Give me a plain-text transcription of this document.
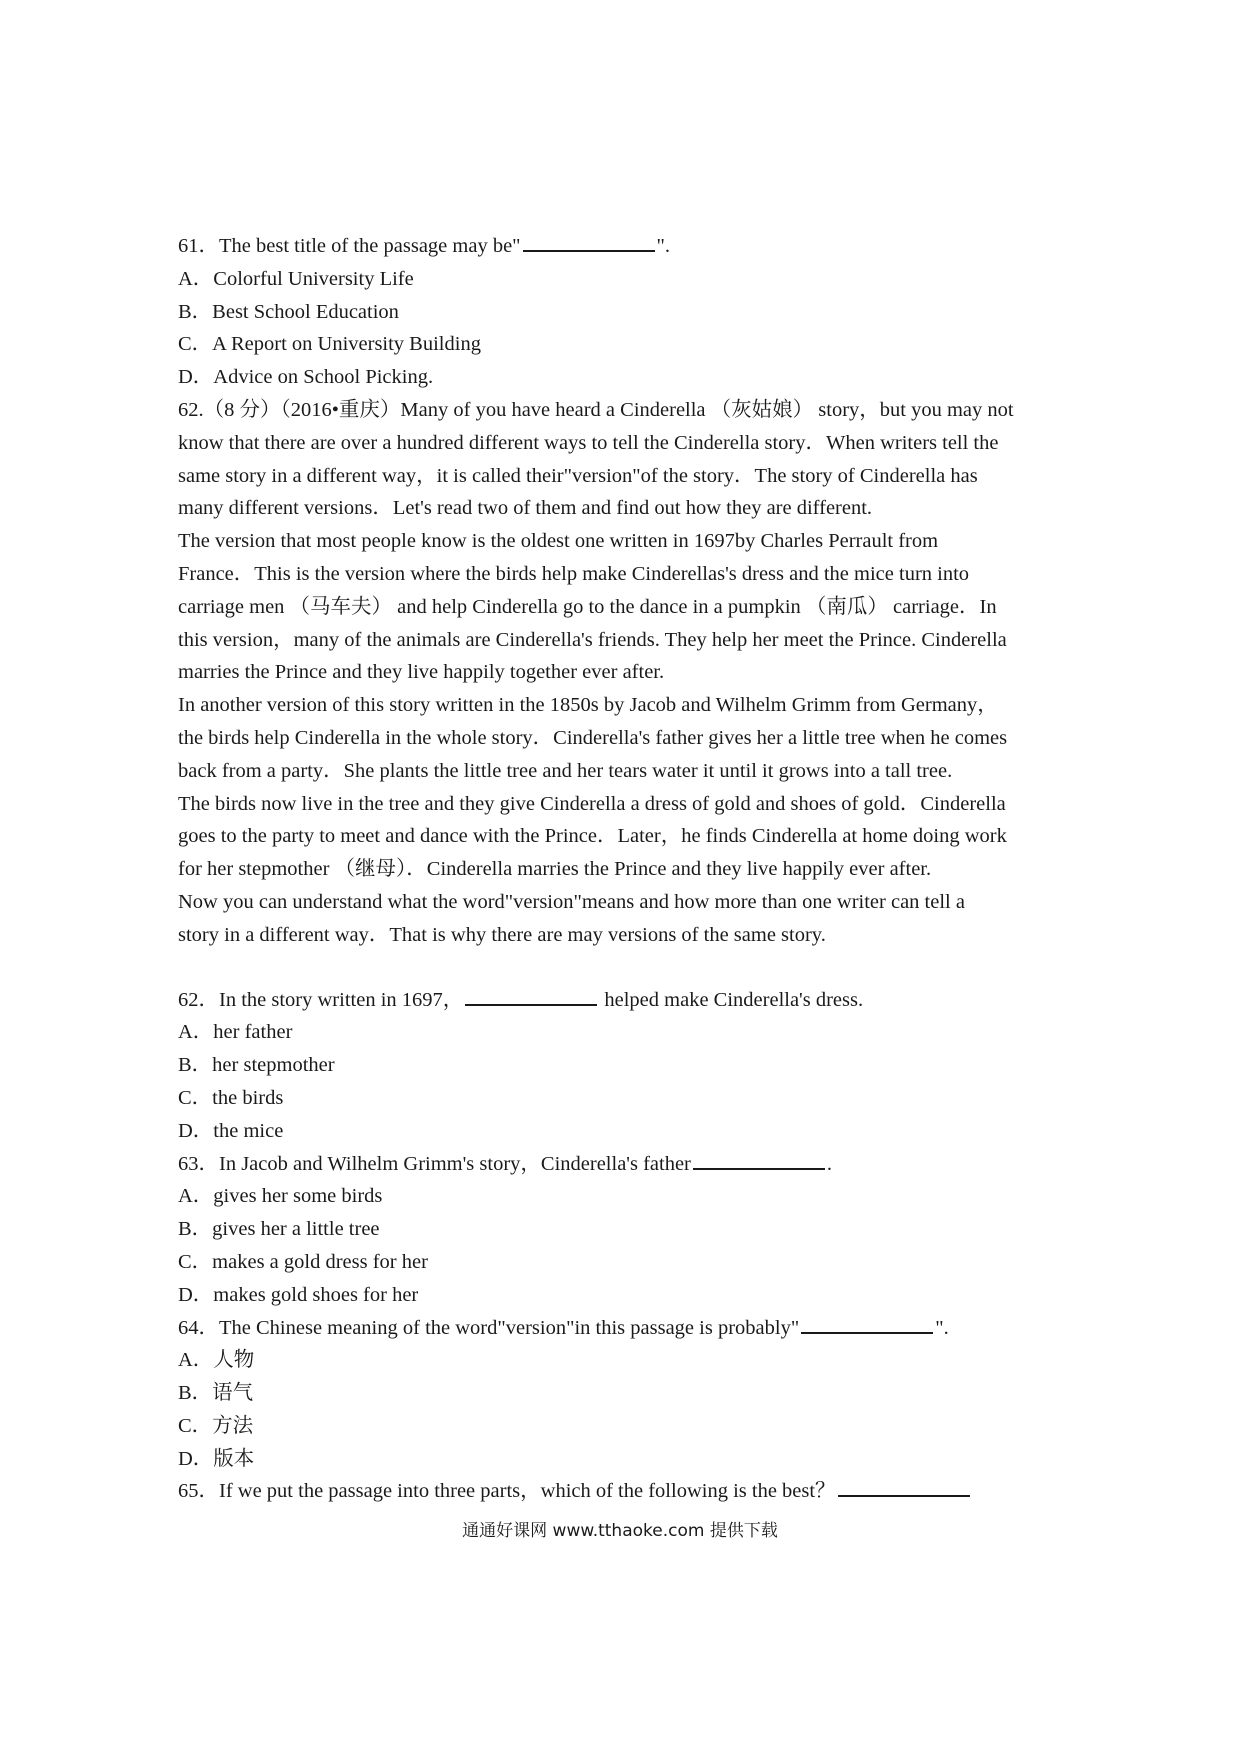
61．The best title of the passage may be"	".
A．Colorful University Life
B．Best School Education
C．A Report on University Building
D．Advice on School Picking.
62.（8 分）（2016•重庆）Many of you have heard a Cinderella （灰姑娘） story，but you may not
know that there are over a hundred different ways to tell the Cinderella story．When writers tell the
same story in a different way，it is called their"version"of the story．The story of Cinderella has
many different versions．Let's read two of them and find out how they are different.
The version that most people know is the oldest one written in 1697by Charles Perrault from
France．This is the version where the birds help make Cinderellas's dress and the mice turn into
carriage men （马车夫） and help Cinderella go to the dance in a pumpkin （南瓜） carriage．In
this version，many of the animals are Cinderella's friends. They help her meet the Prince. Cinderella
marries the Prince and they live happily together ever after.
In another version of this story written in the 1850s by Jacob and Wilhelm Grimm from Germany，
the birds help Cinderella in the whole story．Cinderella's father gives her a little tree when he comes
back from a party．She plants the little tree and her tears water it until it grows into a tall tree.
The birds now live in the tree and they give Cinderella a dress of gold and shoes of gold．Cinderella
goes to the party to meet and dance with the Prince．Later，he finds Cinderella at home doing work
for her stepmother （继母）．Cinderella marries the Prince and they live happily ever after.
Now you can understand what the word"version"means and how more than one writer can tell a
story in a different way．That is why there are may versions of the same story.
62．In the story written in 1697，	helped make Cinderella's dress.
A．her father
B．her stepmother
C．the birds
D．the mice
63．In Jacob and Wilhelm Grimm's story，Cinderella's father	.
A．gives her some birds
B．gives her a little tree
C．makes a gold dress for her
D．makes gold shoes for her
64．The Chinese meaning of the word"version"in this passage is probably"	".
A．人物
B．语气
C．方法
D．版本
65．If we put the passage into three parts，which of the following is the best？
通通好课网 www.tthaoke.com 提供下载
